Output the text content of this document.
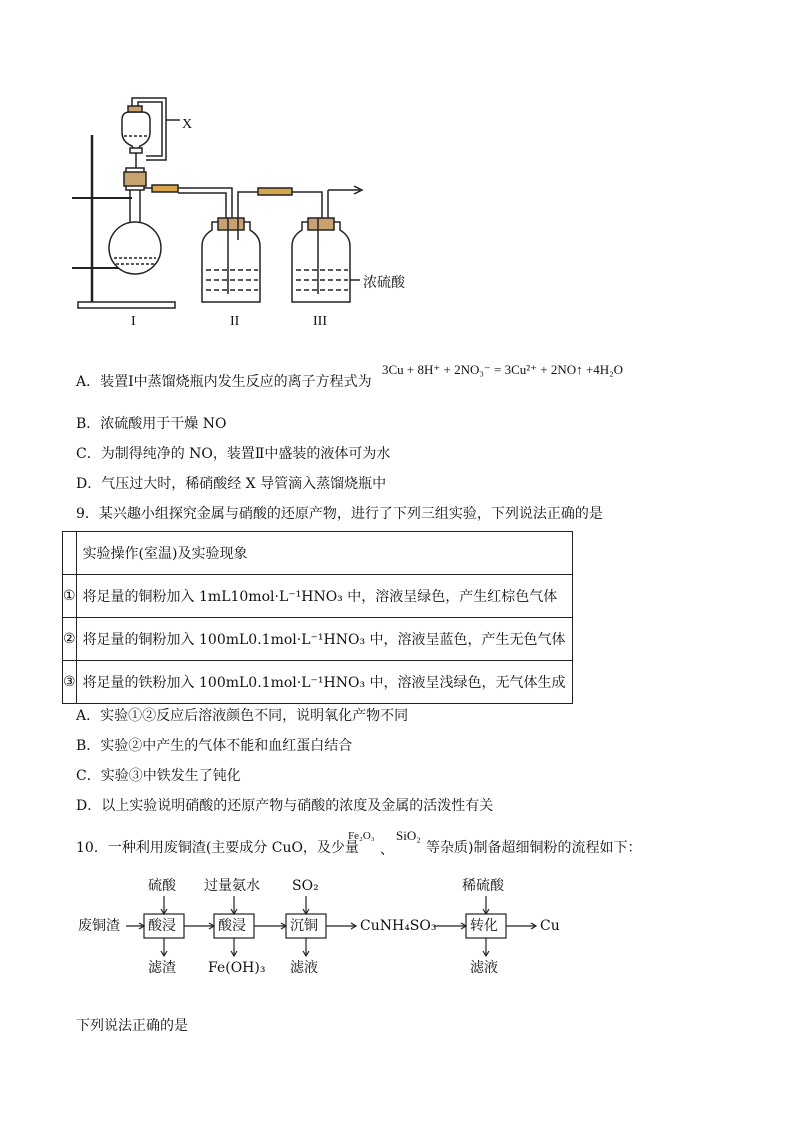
X
浓硫酸
I	II	III
A．装置Ⅰ中蒸馏烧瓶内发生反应的离子方程式为
3Cu + 8H⁺ + 2NO₃⁻ = 3Cu²⁺ + 2NO↑ +4H₂O
B．浓硫酸用于干燥 NO
C．为制得纯净的 NO，装置Ⅱ中盛装的液体可为水
D．气压过大时，稀硝酸经 X 导管滴入蒸馏烧瓶中
9．某兴趣小组探究金属与硝酸的还原产物，进行了下列三组实验，下列说法正确的是
	实验操作(室温)及实验现象
①	将足量的铜粉加入 1mL10mol·L⁻¹HNO₃ 中，溶液呈绿色，产生红棕色气体
②	将足量的铜粉加入 100mL0.1mol·L⁻¹HNO₃ 中，溶液呈蓝色，产生无色气体
③	将足量的铁粉加入 100mL0.1mol·L⁻¹HNO₃ 中，溶液呈浅绿色，无气体生成
A．实验①②反应后溶液颜色不同，说明氧化产物不同
B．实验②中产生的气体不能和血红蛋白结合
C．实验③中铁发生了钝化
D．以上实验说明硝酸的还原产物与硝酸的浓度及金属的活泼性有关
10．一种利用废铜渣(主要成分 CuO，及少量
Fe₂O₃
、
SiO₂
等杂质)制备超细铜粉的流程如下：
废铜渣 酸浸
硫酸
滤渣
酸浸
过量氨水
Fe(OH)₃
沉铜
SO₂
滤液
CuNH₄SO₃ 转化
稀硫酸
滤液
Cu
下列说法正确的是
